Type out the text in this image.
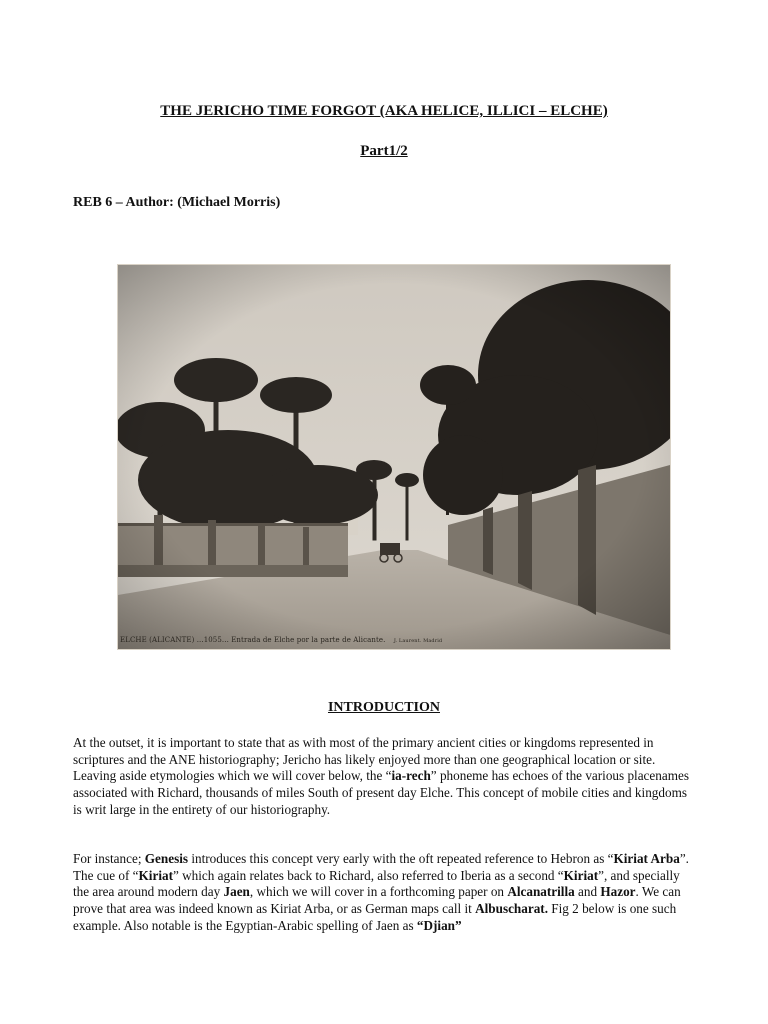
THE JERICHO TIME FORGOT (AKA HELICE, ILLICI – ELCHE)
Part1/2
REB 6 – Author: (Michael Morris)
ELCHE (ALICANTE) ...1055... Entrada de Elche por la parte de Alicante. J. Laurent. Madrid
INTRODUCTION
At the outset, it is important to state that as with most of the primary ancient cities or kingdoms represented in scriptures and the ANE historiography; Jericho has likely enjoyed more than one geographical location or site. Leaving aside etymologies which we will cover below, the “ia-rech” phoneme has echoes of the various placenames associated with Richard, thousands of miles South of present day Elche. This concept of mobile cities and kingdoms is writ large in the entirety of our historiography.
For instance; Genesis introduces this concept very early with the oft repeated reference to Hebron as “Kiriat Arba”. The cue of “Kiriat” which again relates back to Richard, also referred to Iberia as a second “Kiriat”, and specially the area around modern day Jaen, which we will cover in a forthcoming paper on Alcanatrilla and Hazor. We can prove that area was indeed known as Kiriat Arba, or as German maps call it Albuscharat. Fig 2 below is one such example. Also notable is the Egyptian-Arabic spelling of Jaen as “Djian”
